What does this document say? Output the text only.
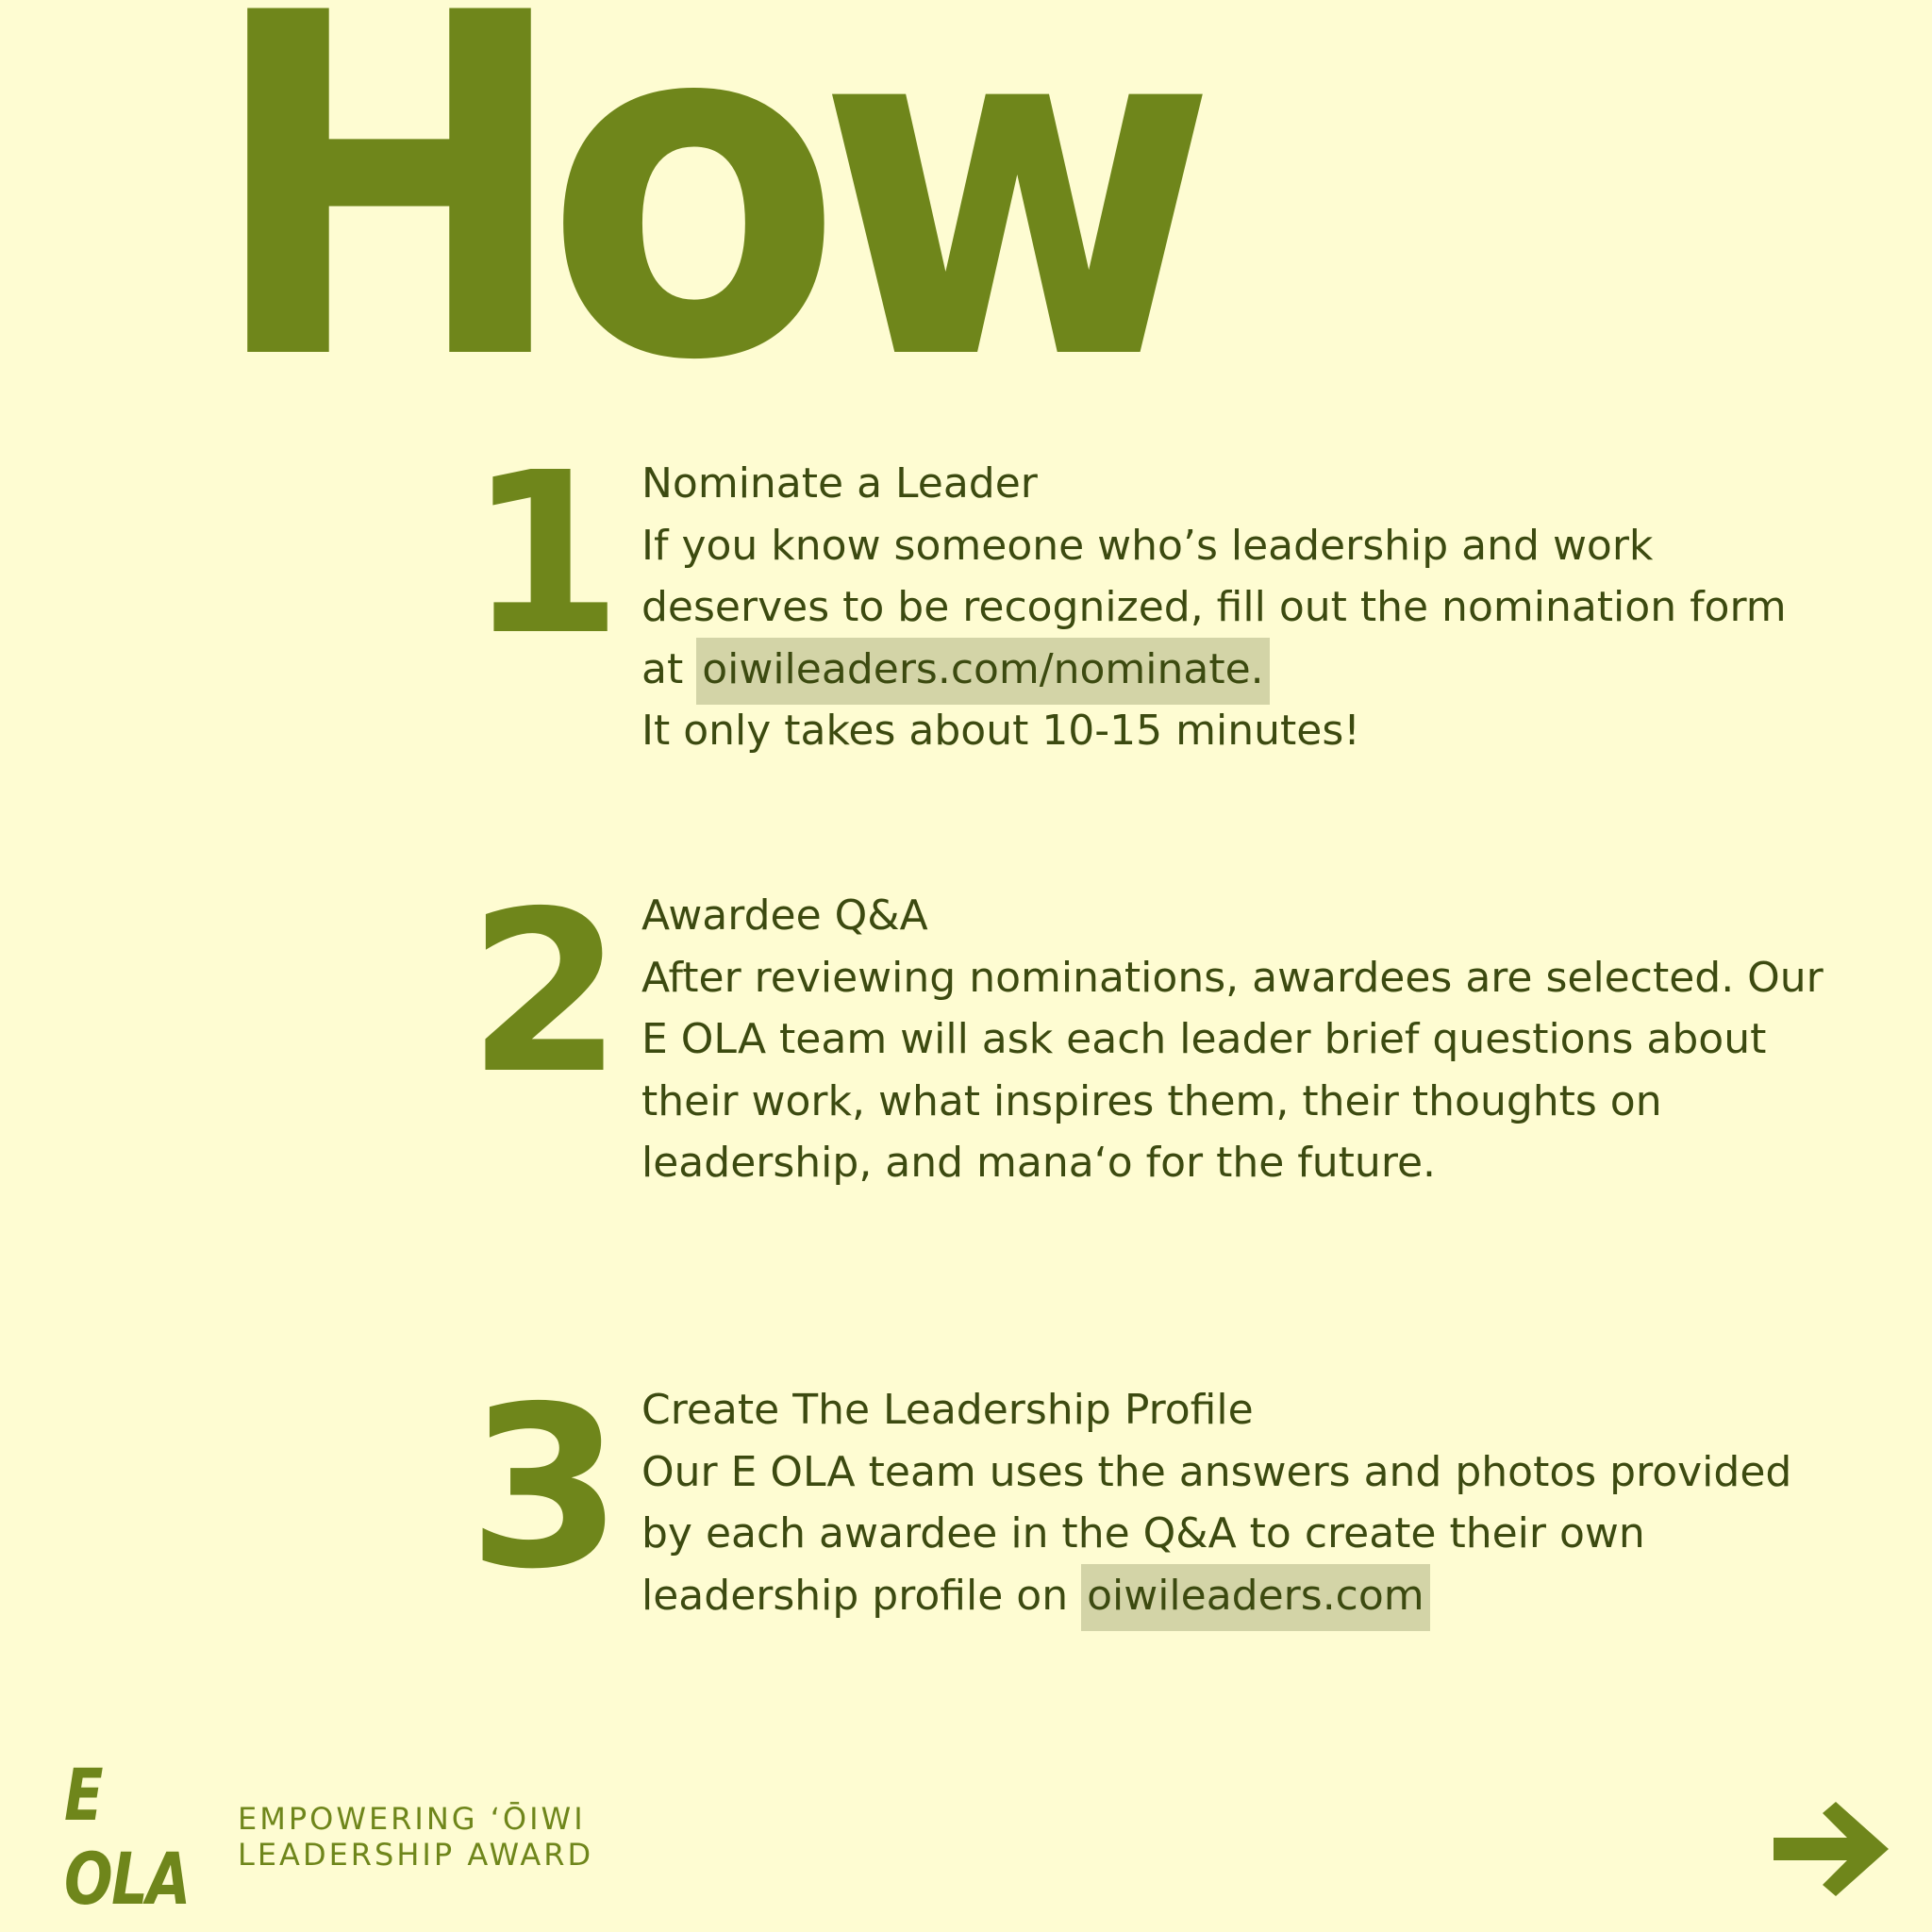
How
1 Nominate a Leader
If you know someone who’s leadership and work deserves to be recognized, fill out the nomination form at oiwileaders.com/nominate.
It only takes about 10-15 minutes!
2 Awardee Q&A
After reviewing nominations, awardees are selected. Our E OLA team will ask each leader brief questions about their work, what inspires them, their thoughts on leadership, and manaʻo for the future.
3 Create The Leadership Profile
Our E OLA team uses the answers and photos provided by each awardee in the Q&A to create their own leadership profile on oiwileaders.com
E OLA
EMPOWERING ʻŌIWI
LEADERSHIP AWARD
